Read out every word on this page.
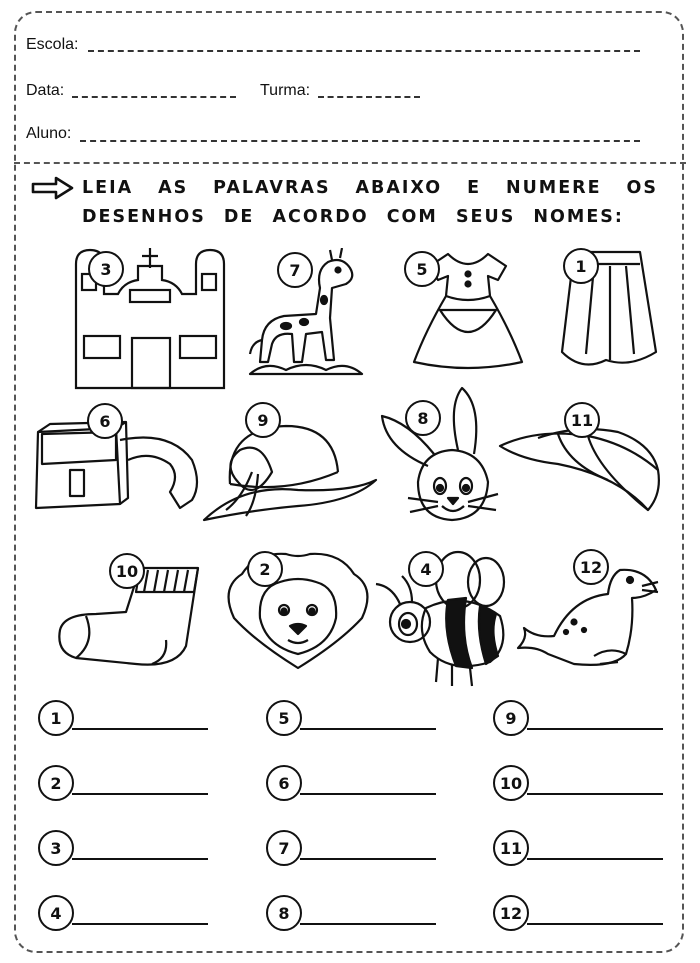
Escola:
Data:	Turma:
Aluno:
LEIA AS PALAVRAS ABAIXO E NUMERE OS
DESENHOS DE ACORDO COM SEUS NOMES:
3	7	5	1
6	9	8	11
10	2	4	12
1
2
3
4
5
6
7
8
9
10
11
12
